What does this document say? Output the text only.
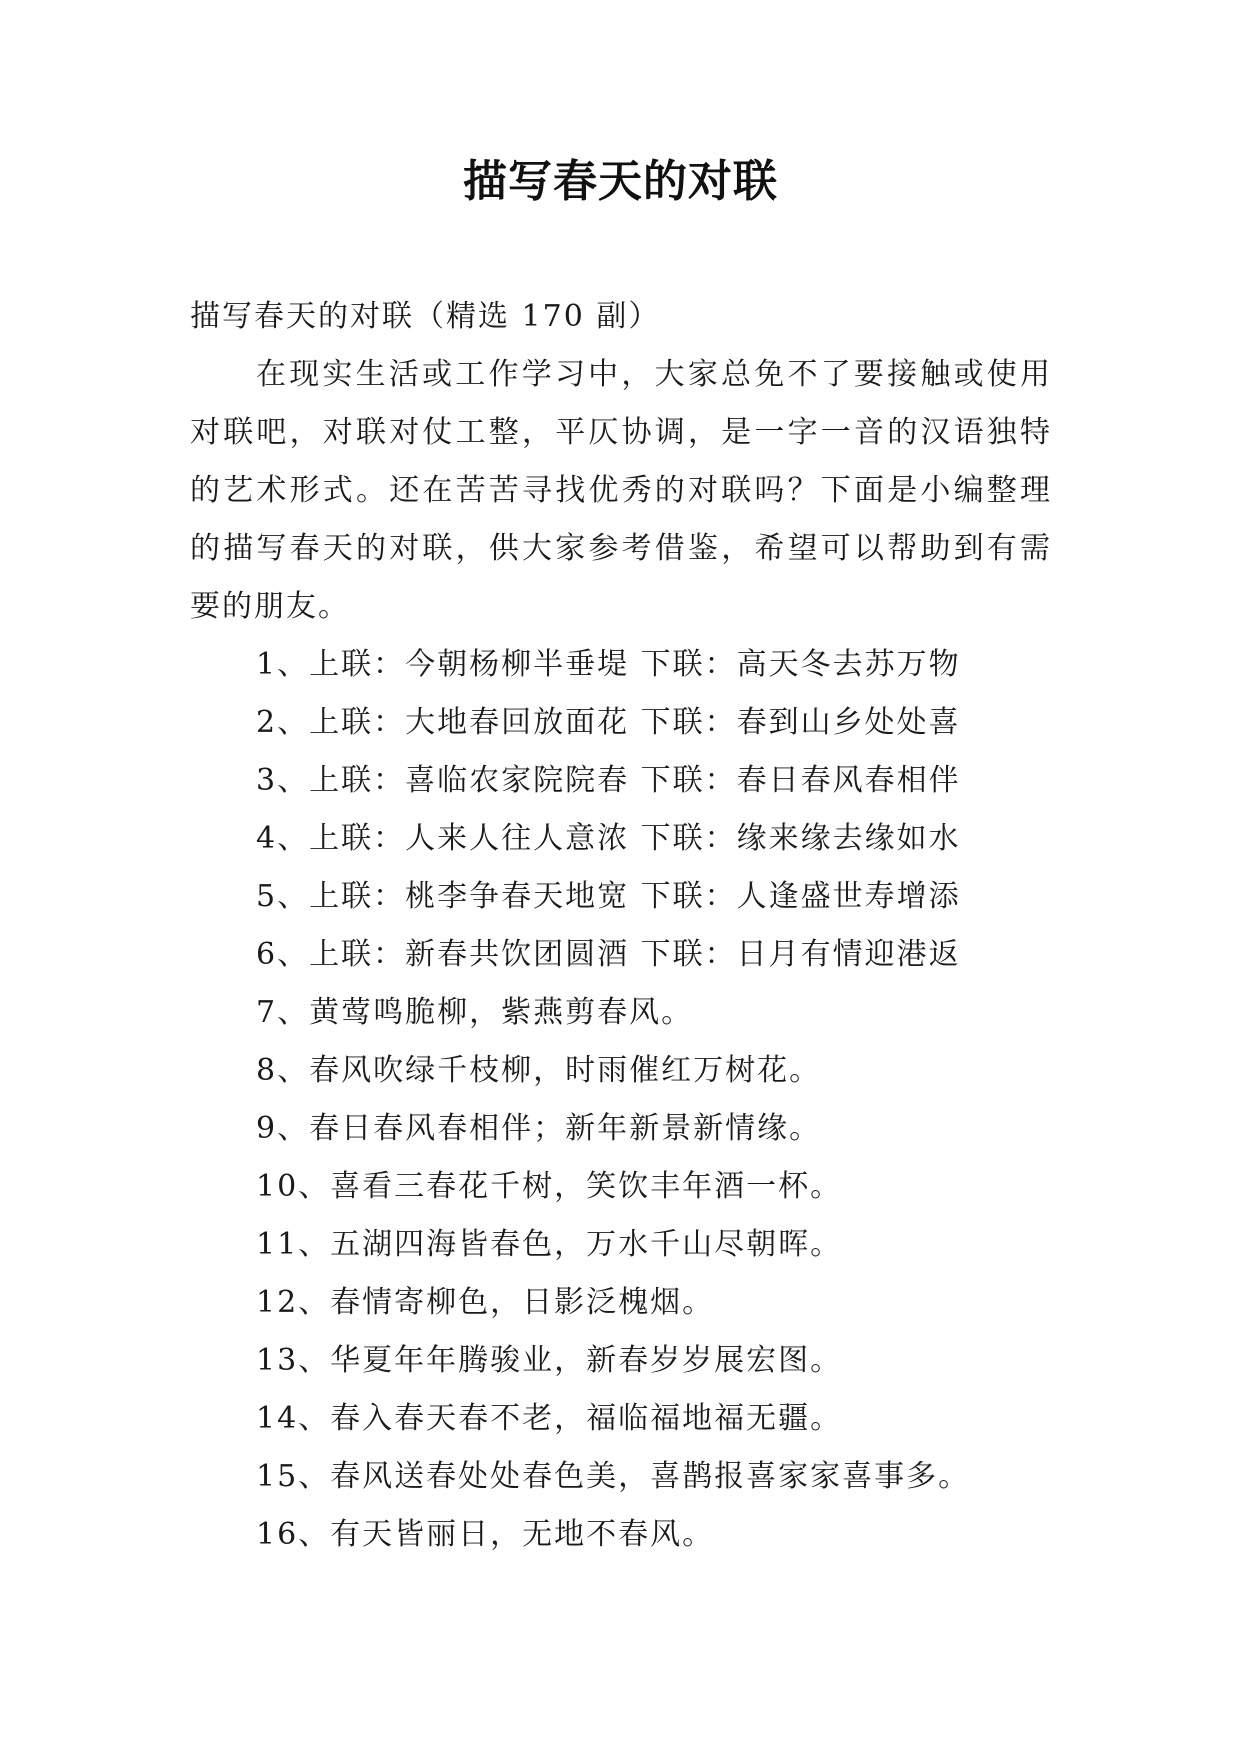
描写春天的对联

描写春天的对联（精选 170 副）

在现实生活或工作学习中，大家总免不了要接触或使用对联吧，对联对仗工整，平仄协调，是一字一音的汉语独特的艺术形式。还在苦苦寻找优秀的对联吗？下面是小编整理的描写春天的对联，供大家参考借鉴，希望可以帮助到有需要的朋友。

1、上联：今朝杨柳半垂堤 下联：高天冬去苏万物
2、上联：大地春回放面花 下联：春到山乡处处喜
3、上联：喜临农家院院春 下联：春日春风春相伴
4、上联：人来人往人意浓 下联：缘来缘去缘如水
5、上联：桃李争春天地宽 下联：人逢盛世寿增添
6、上联：新春共饮团圆酒 下联：日月有情迎港返
7、黄莺鸣脆柳，紫燕剪春风。
8、春风吹绿千枝柳，时雨催红万树花。
9、春日春风春相伴；新年新景新情缘。
10、喜看三春花千树，笑饮丰年酒一杯。
11、五湖四海皆春色，万水千山尽朝晖。
12、春情寄柳色，日影泛槐烟。
13、华夏年年腾骏业，新春岁岁展宏图。
14、春入春天春不老，福临福地福无疆。
15、春风送春处处春色美，喜鹊报喜家家喜事多。
16、有天皆丽日，无地不春风。
